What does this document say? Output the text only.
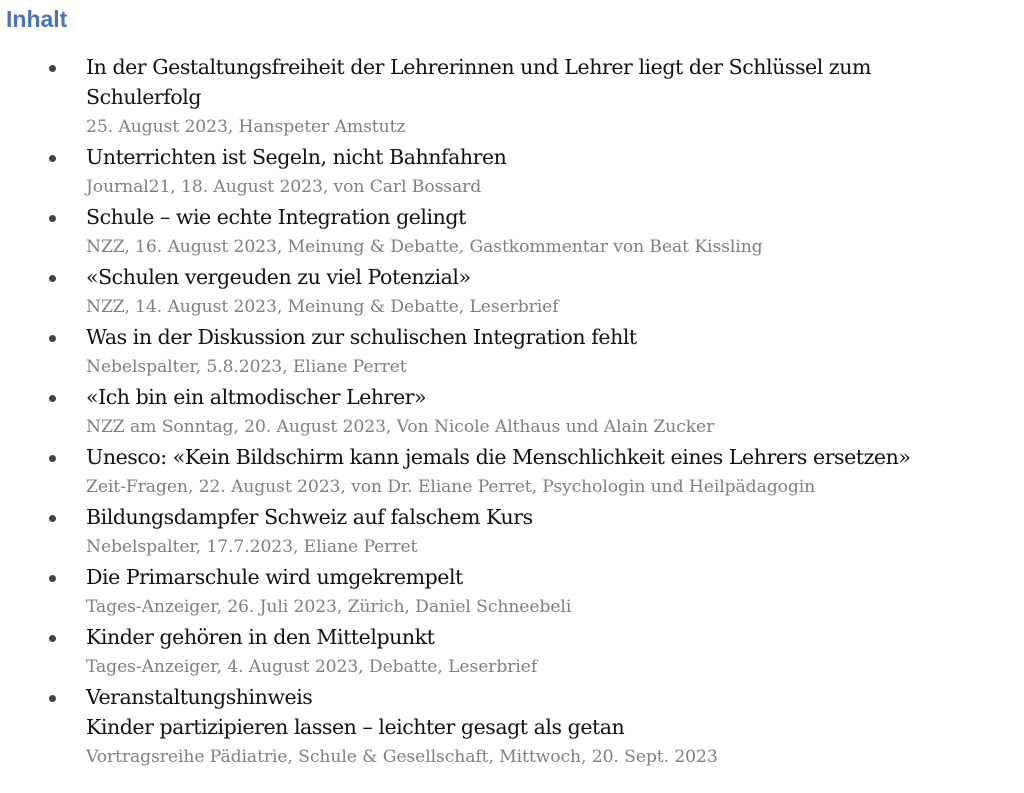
Inhalt
In der Gestaltungsfreiheit der Lehrerinnen und Lehrer liegt der Schlüssel zum
Schulerfolg
25. August 2023, Hanspeter Amstutz
Unterrichten ist Segeln, nicht Bahnfahren
Journal21, 18. August 2023, von Carl Bossard
Schule – wie echte Integration gelingt
NZZ, 16. August 2023, Meinung & Debatte, Gastkommentar von Beat Kissling
«Schulen vergeuden zu viel Potenzial»
NZZ, 14. August 2023, Meinung & Debatte, Leserbrief
Was in der Diskussion zur schulischen Integration fehlt
Nebelspalter, 5.8.2023, Eliane Perret
«Ich bin ein altmodischer Lehrer»
NZZ am Sonntag, 20. August 2023, Von Nicole Althaus und Alain Zucker
Unesco: «Kein Bildschirm kann jemals die Menschlichkeit eines Lehrers ersetzen»
Zeit-Fragen, 22. August 2023, von Dr. Eliane Perret, Psychologin und Heilpädagogin
Bildungsdampfer Schweiz auf falschem Kurs
Nebelspalter, 17.7.2023, Eliane Perret
Die Primarschule wird umgekrempelt
Tages-Anzeiger, 26. Juli 2023, Zürich, Daniel Schneebeli
Kinder gehören in den Mittelpunkt
Tages-Anzeiger, 4. August 2023, Debatte, Leserbrief
Veranstaltungshinweis
Kinder partizipieren lassen – leichter gesagt als getan
Vortragsreihe Pädiatrie, Schule & Gesellschaft, Mittwoch, 20. Sept. 2023
